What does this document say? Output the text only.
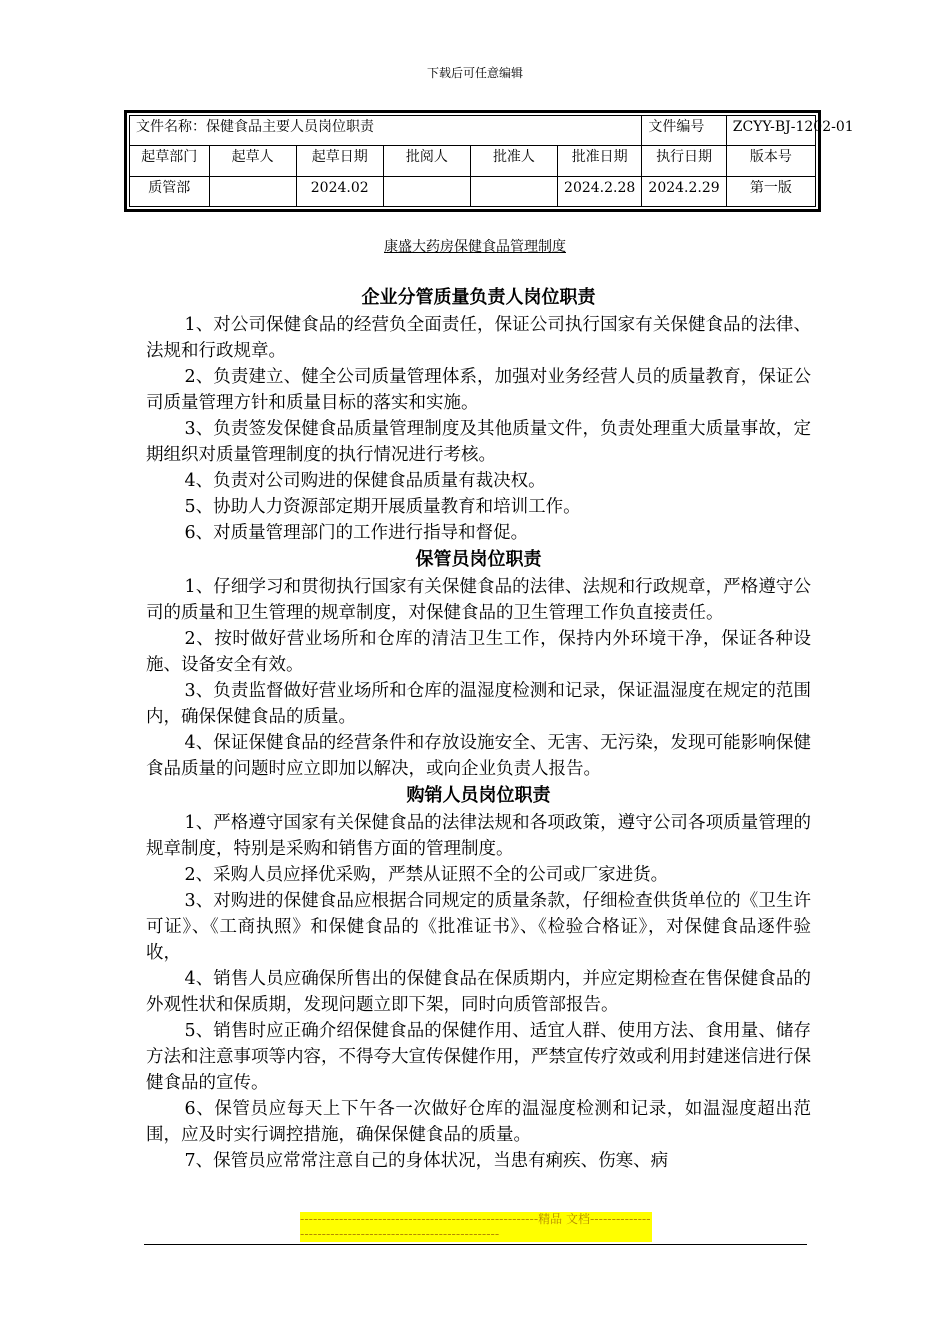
下载后可任意编辑
文件名称：保健食品主要人员岗位职责						文件编号	ZCYY-BJ-1202-01
起草部门	起草人	起草日期	批阅人	批准人	批准日期	执行日期	版本号
质管部		2024.02			2024.2.28	2024.2.29	第一版
康盛大药房保健食品管理制度
企业分管质量负责人岗位职责

1、对公司保健食品的经营负全面责任，保证公司执行国家有关保健食品的法律、法规和行政规章。

2、负责建立、健全公司质量管理体系，加强对业务经营人员的质量教育，保证公司质量管理方针和质量目标的落实和实施。

3、负责签发保健食品质量管理制度及其他质量文件，负责处理重大质量事故，定期组织对质量管理制度的执行情况进行考核。

4、负责对公司购进的保健食品质量有裁决权。

5、协助人力资源部定期开展质量教育和培训工作。

6、对质量管理部门的工作进行指导和督促。

保管员岗位职责

1、仔细学习和贯彻执行国家有关保健食品的法律、法规和行政规章，严格遵守公司的质量和卫生管理的规章制度，对保健食品的卫生管理工作负直接责任。

2、按时做好营业场所和仓库的清洁卫生工作，保持内外环境干净，保证各种设施、设备安全有效。

3、负责监督做好营业场所和仓库的温湿度检测和记录，保证温湿度在规定的范围内，确保保健食品的质量。

4、保证保健食品的经营条件和存放设施安全、无害、无污染，发现可能影响保健食品质量的问题时应立即加以解决，或向企业负责人报告。

购销人员岗位职责

1、严格遵守国家有关保健食品的法律法规和各项政策，遵守公司各项质量管理的规章制度，特别是采购和销售方面的管理制度。

2、采购人员应择优采购，严禁从证照不全的公司或厂家进货。

3、对购进的保健食品应根据合同规定的质量条款，仔细检查供货单位的《卫生许可证》、《工商执照》和保健食品的《批准证书》、《检验合格证》，对保健食品逐件验收，

4、销售人员应确保所售出的保健食品在保质期内，并应定期检查在售保健食品的外观性状和保质期，发现问题立即下架，同时向质管部报告。

5、销售时应正确介绍保健食品的保健作用、适宜人群、使用方法、食用量、储存方法和注意事项等内容，不得夸大宣传保健作用，严禁宣传疗效或利用封建迷信进行保健食品的宣传。

6、保管员应每天上下午各一次做好仓库的温湿度检测和记录，如温湿度超出范围，应及时实行调控措施，确保保健食品的质量。

7、保管员应常常注意自己的身体状况，当患有痢疾、伤寒、病

-------------------------------------------------------精品 文档------------------------------------------------------------
